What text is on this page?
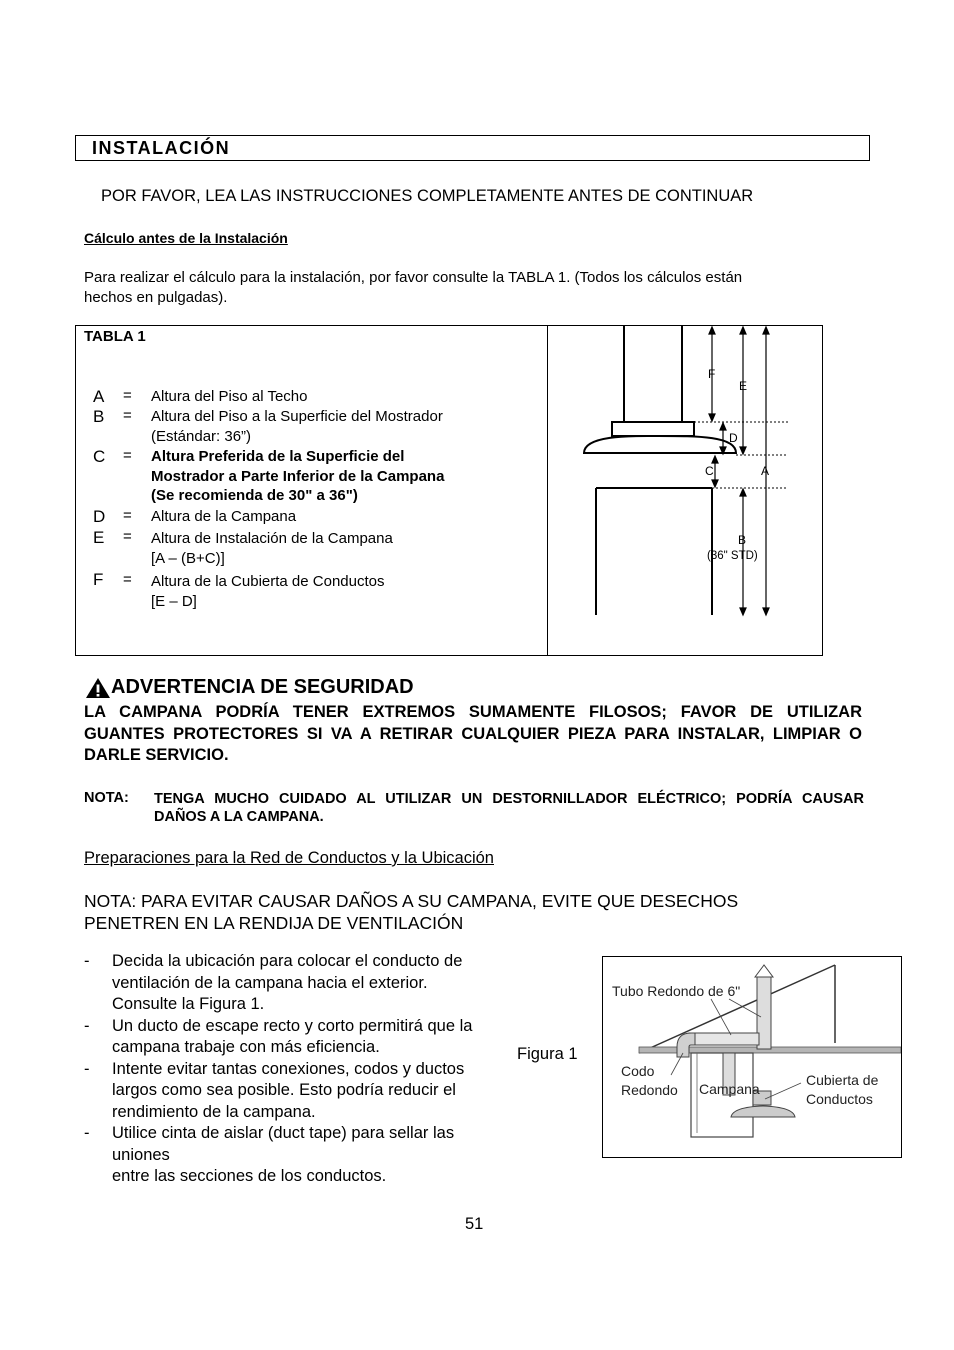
INSTALACIÓN
POR FAVOR, LEA LAS INSTRUCCIONES COMPLETAMENTE ANTES DE CONTINUAR
Cálculo antes de la Instalación
Para realizar el cálculo para la instalación, por favor consulte la TABLA 1. (Todos los cálculos están
hechos en pulgadas).
TABLA 1
A = Altura del Piso al Techo
B = Altura del Piso a la Superficie del Mostrador
(Estándar: 36”)
C = Altura Preferida de la Superficie del
Mostrador a Parte Inferior de la Campana
(Se recomienda de 30" a 36")
D = Altura de la Campana
E = Altura de Instalación de la Campana
[A – (B+C)]
F = Altura de la Cubierta de Conductos
[E – D]
F
E
D
C	A
B
(36" STD)
ADVERTENCIA DE SEGURIDAD
LA CAMPANA PODRÍA TENER EXTREMOS SUMAMENTE FILOSOS; FAVOR DE UTILIZAR GUANTES PROTECTORES SI VA A RETIRAR CUALQUIER PIEZA PARA INSTALAR, LIMPIAR O DARLE SERVICIO.
NOTA: TENGA MUCHO CUIDADO AL UTILIZAR UN DESTORNILLADOR ELÉCTRICO; PODRÍA CAUSAR DAÑOS A LA CAMPANA.
Preparaciones para la Red de Conductos y la Ubicación
NOTA: PARA EVITAR CAUSAR DAÑOS A SU CAMPANA, EVITE QUE DESECHOS
PENETREN EN LA RENDIJA DE VENTILACIÓN
- Decida la ubicación para colocar el conducto de ventilación de la campana hacia el exterior. Consulte la Figura 1.
- Un ducto de escape recto y corto permitirá que la campana trabaje con más eficiencia.
- Intente evitar tantas conexiones, codos y ductos largos como sea posible. Esto podría reducir el rendimiento de la campana.
- Utilice cinta de aislar (duct tape) para sellar las uniones
entre las secciones de los conductos.
Figura 1
Tubo Redondo de 6"
Codo
Redondo Campana
Cubierta de
Conductos
51
